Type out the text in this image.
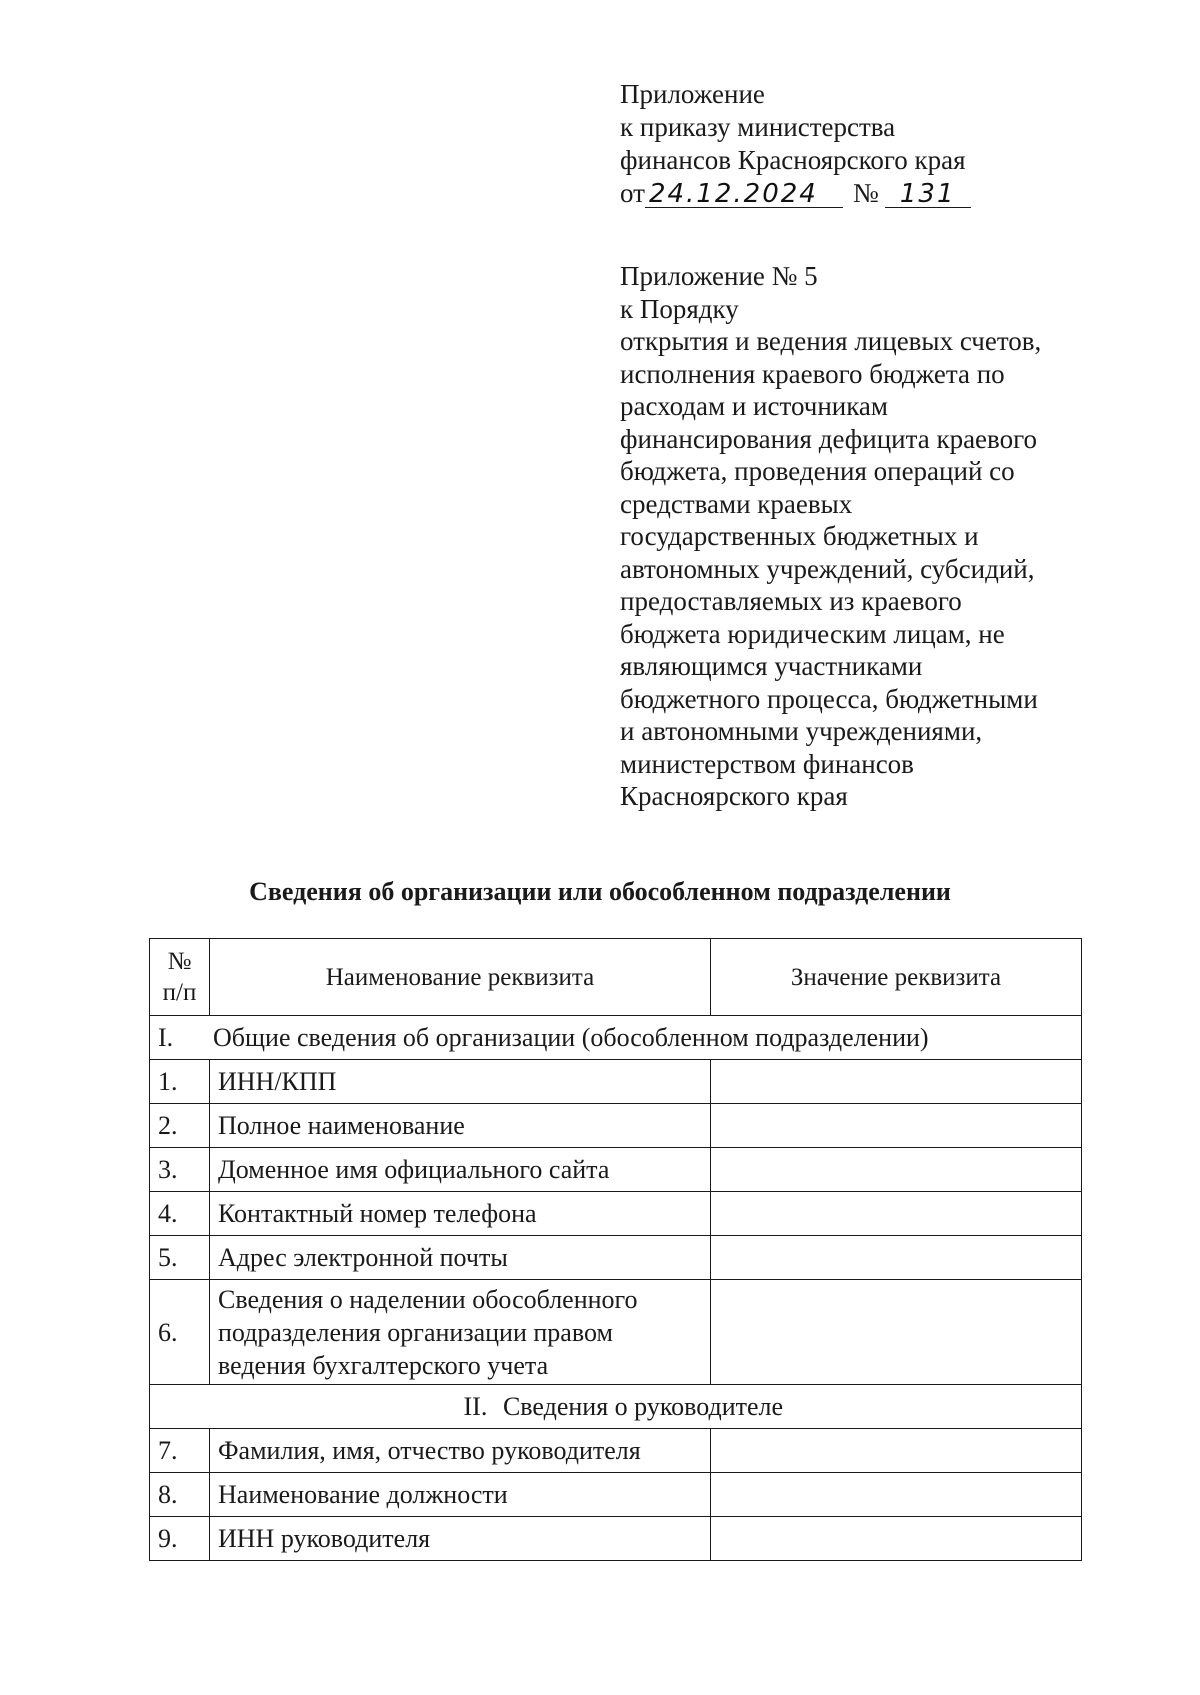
Приложение
к приказу министерства
финансов Красноярского края
от 24.12.2024 № 131
Приложение № 5
к Порядку
открытия и ведения лицевых счетов,
исполнения краевого бюджета по
расходам и источникам
финансирования дефицита краевого
бюджета, проведения операций со
средствами краевых
государственных бюджетных и
автономных учреждений, субсидий,
предоставляемых из краевого
бюджета юридическим лицам, не
являющимся участниками
бюджетного процесса, бюджетными
и автономными учреждениями,
министерством финансов
Красноярского края
Сведения об организации или обособленном подразделении
№
п/п	Наименование реквизита	Значение реквизита
I. Общие сведения об организации (обособленном подразделении)		
1.	ИНН/КПП	
2.	Полное наименование	
3.	Доменное имя официального сайта	
4.	Контактный номер телефона	
5.	Адрес электронной почты	
6.	Сведения о наделении обособленного
подразделения организации правом
ведения бухгалтерского учета	
II. Сведения о руководителе		
7.	Фамилия, имя, отчество руководителя	
8.	Наименование должности	
9.	ИНН руководителя	
